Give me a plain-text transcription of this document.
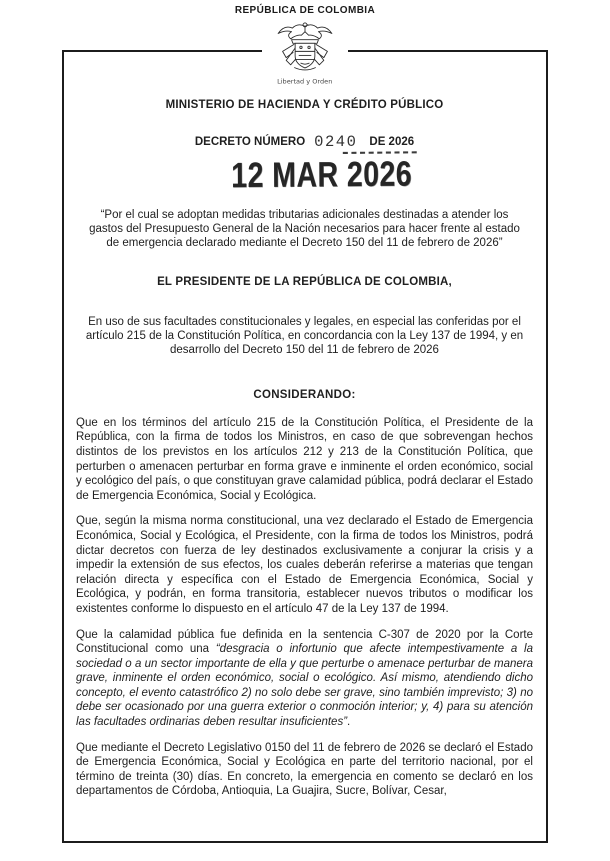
REPÚBLICA DE COLOMBIA
Libertad y Orden
MINISTERIO DE HACIENDA Y CRÉDITO PÚBLICO
DECRETO NÚMERO 0240 DE 2026
12 MAR 2026
“Por el cual se adoptan medidas tributarias adicionales destinadas a atender los gastos del Presupuesto General de la Nación necesarios para hacer frente al estado de emergencia declarado mediante el Decreto 150 del 11 de febrero de 2026”
EL PRESIDENTE DE LA REPÚBLICA DE COLOMBIA,
En uso de sus facultades constitucionales y legales, en especial las conferidas por el artículo 215 de la Constitución Política, en concordancia con la Ley 137 de 1994, y en desarrollo del Decreto 150 del 11 de febrero de 2026
CONSIDERANDO:

Que en los términos del artículo 215 de la Constitución Política, el Presidente de la República, con la firma de todos los Ministros, en caso de que sobrevengan hechos distintos de los previstos en los artículos 212 y 213 de la Constitución Política, que perturben o amenacen perturbar en forma grave e inminente el orden económico, social y ecológico del país, o que constituyan grave calamidad pública, podrá declarar el Estado de Emergencia Económica, Social y Ecológica.

Que, según la misma norma constitucional, una vez declarado el Estado de Emergencia Económica, Social y Ecológica, el Presidente, con la firma de todos los Ministros, podrá dictar decretos con fuerza de ley destinados exclusivamente a conjurar la crisis y a impedir la extensión de sus efectos, los cuales deberán referirse a materias que tengan relación directa y específica con el Estado de Emergencia Económica, Social y Ecológica, y podrán, en forma transitoria, establecer nuevos tributos o modificar los existentes conforme lo dispuesto en el artículo 47 de la Ley 137 de 1994.

Que la calamidad pública fue definida en la sentencia C-307 de 2020 por la Corte Constitucional como una “desgracia o infortunio que afecte intempestivamente a la sociedad o a un sector importante de ella y que perturbe o amenace perturbar de manera grave, inminente el orden económico, social o ecológico. Así mismo, atendiendo dicho concepto, el evento catastrófico 2) no solo debe ser grave, sino también imprevisto; 3) no debe ser ocasionado por una guerra exterior o conmoción interior; y, 4) para su atención las facultades ordinarias deben resultar insuficientes”.

Que mediante el Decreto Legislativo 0150 del 11 de febrero de 2026 se declaró el Estado de Emergencia Económica, Social y Ecológica en parte del territorio nacional, por el término de treinta (30) días. En concreto, la emergencia en comento se declaró en los departamentos de Córdoba, Antioquia, La Guajira, Sucre, Bolívar, Cesar,
